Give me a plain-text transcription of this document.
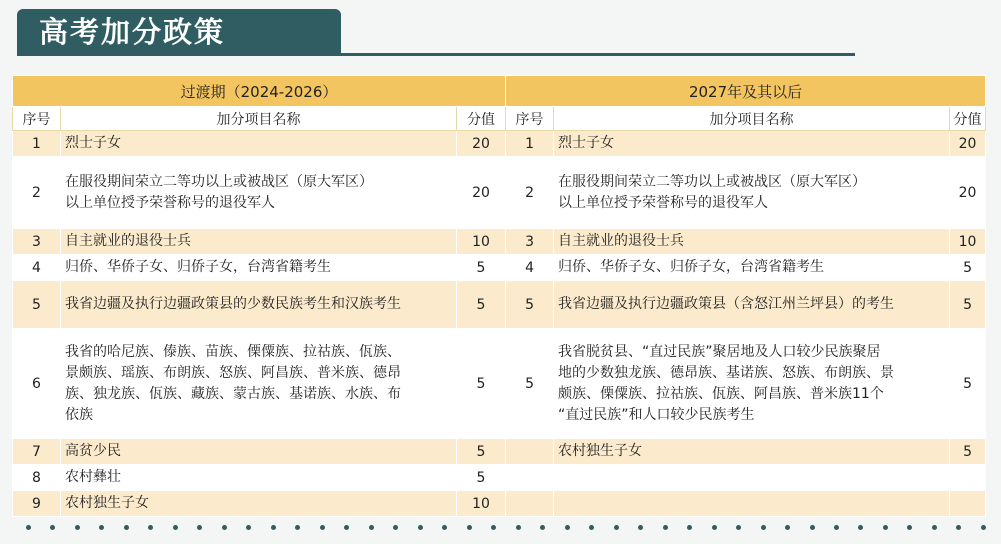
高考加分政策
过渡期（2024-2026）			2027年及其以后		
序号	加分项目名称	分值	序号	加分项目名称	分值
1	烈士子女	20	1	烈士子女	20
2	在服役期间荣立二等功以上或被战区（原大军区）
以上单位授予荣誉称号的退役军人	20	2	在服役期间荣立二等功以上或被战区（原大军区）
以上单位授予荣誉称号的退役军人	20
3	自主就业的退役士兵	10	3	自主就业的退役士兵	10
4	归侨、华侨子女、归侨子女，台湾省籍考生	5	4	归侨、华侨子女、归侨子女，台湾省籍考生	5
5	我省边疆及执行边疆政策县的少数民族考生和汉族考生	5	5	我省边疆及执行边疆政策县（含怒江州兰坪县）的考生	5
6	我省的哈尼族、傣族、苗族、傈僳族、拉祜族、佤族、
景颇族、瑶族、布朗族、怒族、阿昌族、普米族、德昂
族、独龙族、佤族、藏族、蒙古族、基诺族、水族、布
依族	5	5	我省脱贫县、“直过民族”聚居地及人口较少民族聚居
地的少数独龙族、德昂族、基诺族、怒族、布朗族、景
颇族、傈僳族、拉祜族、佤族、阿昌族、普米族11个
“直过民族”和人口较少民族考生	5
7	高贫少民	5		农村独生子女	5
8	农村彝壮	5			
9	农村独生子女	10			
